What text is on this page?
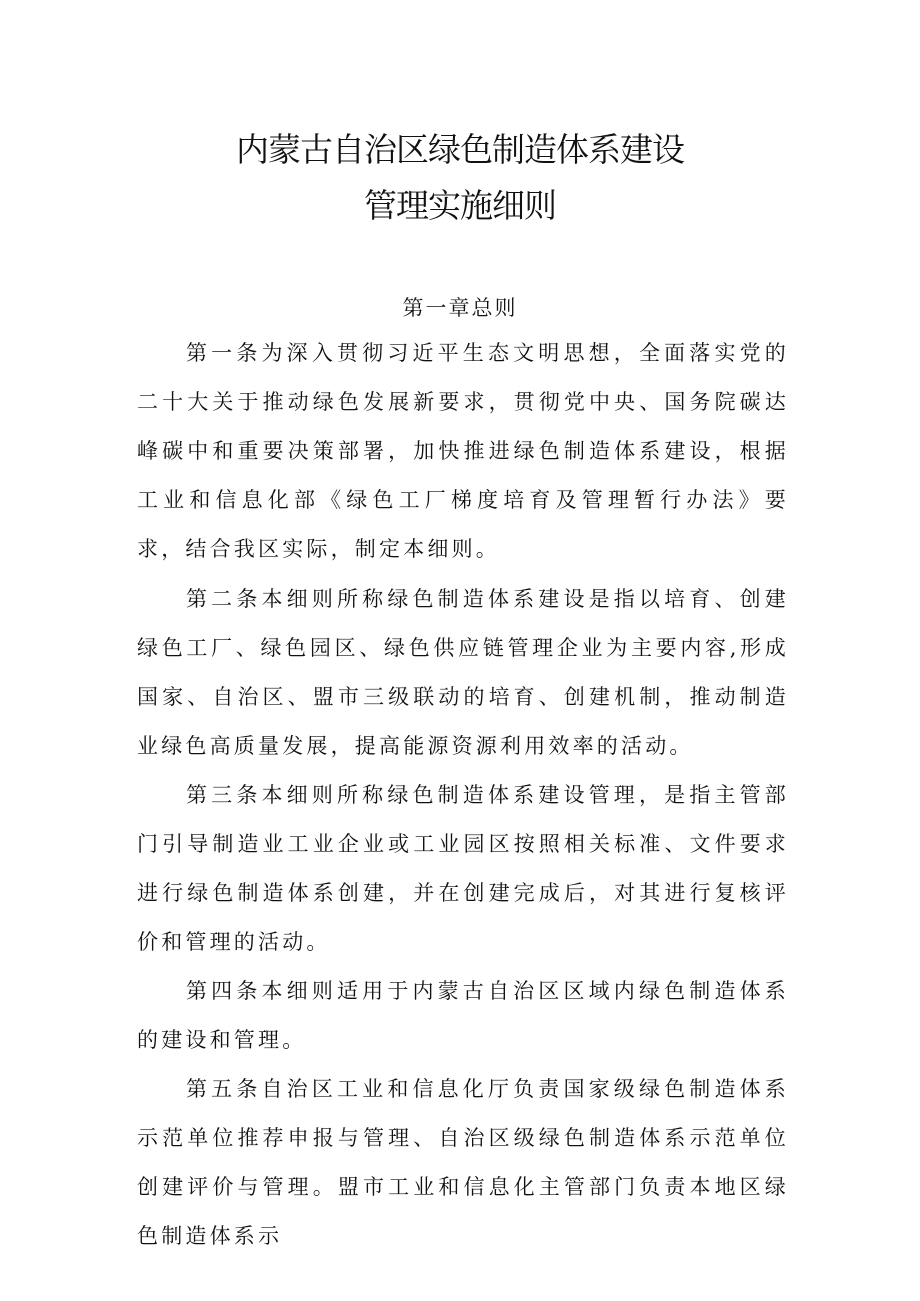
内蒙古自治区绿色制造体系建设
管理实施细则
第一章总则

第一条为深入贯彻习近平生态文明思想，全面落实党的二十大关于推动绿色发展新要求，贯彻党中央、国务院碳达峰碳中和重要决策部署，加快推进绿色制造体系建设，根据工业和信息化部《绿色工厂梯度培育及管理暂行办法》要求，结合我区实际，制定本细则。

第二条本细则所称绿色制造体系建设是指以培育、创建绿色工厂、绿色园区、绿色供应链管理企业为主要内容,形成国家、自治区、盟市三级联动的培育、创建机制，推动制造业绿色高质量发展，提高能源资源利用效率的活动。

第三条本细则所称绿色制造体系建设管理，是指主管部门引导制造业工业企业或工业园区按照相关标准、文件要求进行绿色制造体系创建，并在创建完成后，对其进行复核评价和管理的活动。

第四条本细则适用于内蒙古自治区区域内绿色制造体系的建设和管理。

第五条自治区工业和信息化厅负责国家级绿色制造体系示范单位推荐申报与管理、自治区级绿色制造体系示范单位创建评价与管理。盟市工业和信息化主管部门负责本地区绿色制造体系示
